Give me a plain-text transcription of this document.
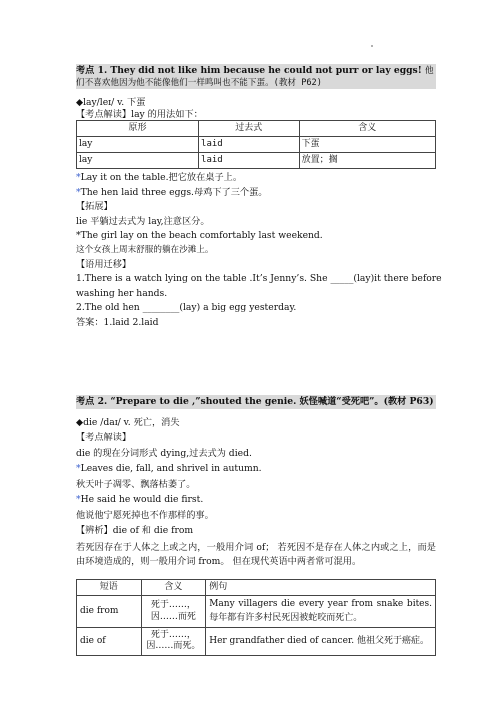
考点 1. They did not like him because he could not purr or lay eggs! 他们不喜欢他因为他不能像他们一样鸣叫也不能下蛋。(教材 P62)

◆lay/leɪ/ v. 下蛋

【考点解读】lay 的用法如下：

原形	过去式	含义
lay	laid	下蛋
lay	laid	放置；搁

*Lay it on the table.把它放在桌子上。

*The hen laid three eggs.母鸡下了三个蛋。

【拓展】

lie 平躺过去式为 lay,注意区分。

*The girl lay on the beach comfortably last weekend.

这个女孩上周末舒服的躺在沙滩上。

【语用迁移】

1.There is a watch lying on the table .It’s Jenny’s. She _____(lay)it there before

washing her hands.

2.The old hen ________(lay) a big egg yesterday.

答案：1.laid 2.laid

考点 2. “Prepare to die ,”shouted the genie. 妖怪喊道“受死吧”。(教材 P63)

◆die /daɪ/ v. 死亡，消失

【考点解读】

die 的现在分词形式 dying,过去式为 died.

*Leaves die, fall, and shrivel in autumn.

秋天叶子凋零、飘落枯萎了。

*He said he would die first.

他说他宁愿死掉也不作那样的事。

【辨析】die of 和 die from

若死因存在于人体之上或之内，一般用介词 of； 若死因不是存在人体之内或之上，而是由环境造成的，则一般用介词 from。 但在现代英语中两者常可混用。

短语	含义	例句
die from	死于……，因……而死	Many villagers die every year from snake bites. 每年都有许多村民死因被蛇咬而死亡。
die of	死于……，因……而死。	Her grandfather died of cancer. 他祖父死于癌症。
